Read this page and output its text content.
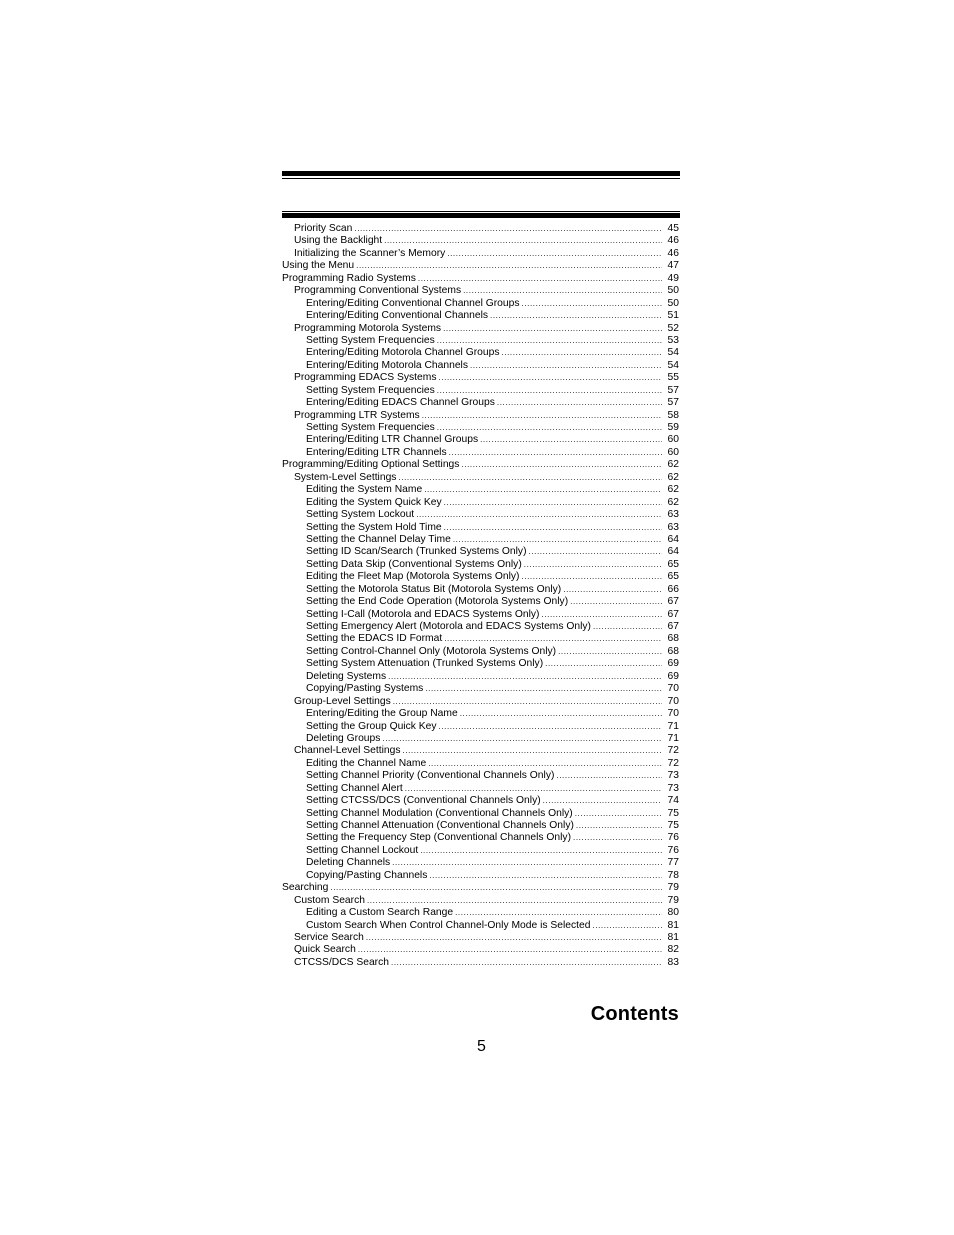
Priority Scan .....	45
Using the Backlight .....	46
Initializing the Scanner’s Memory .....	46
Using the Menu .....	47
Programming Radio Systems .....	49
Programming Conventional Systems .....	50
Entering/Editing Conventional Channel Groups .....	50
Entering/Editing Conventional Channels .....	51
Programming Motorola Systems .....	52
Setting System Frequencies .....	53
Entering/Editing Motorola Channel Groups .....	54
Entering/Editing Motorola Channels .....	54
Programming EDACS Systems .....	55
Setting System Frequencies .....	57
Entering/Editing EDACS Channel Groups .....	57
Programming LTR Systems .....	58
Setting System Frequencies .....	59
Entering/Editing LTR Channel Groups .....	60
Entering/Editing LTR Channels .....	60
Programming/Editing Optional Settings .....	62
System-Level Settings .....	62
Editing the System Name .....	62
Editing the System Quick Key .....	62
Setting System Lockout .....	63
Setting the System Hold Time .....	63
Setting the Channel Delay Time .....	64
Setting ID Scan/Search (Trunked Systems Only) .....	64
Setting Data Skip (Conventional Systems Only) .....	65
Editing the Fleet Map (Motorola Systems Only) .....	65
Setting the Motorola Status Bit (Motorola Systems Only) .....	66
Setting the End Code Operation (Motorola Systems Only) .....	67
Setting I-Call (Motorola and EDACS Systems Only) .....	67
Setting Emergency Alert (Motorola and EDACS Systems Only) .....	67
Setting the EDACS ID Format .....	68
Setting Control-Channel Only (Motorola Systems Only) .....	68
Setting System Attenuation (Trunked Systems Only) .....	69
Deleting Systems .....	69
Copying/Pasting Systems .....	70
Group-Level Settings .....	70
Entering/Editing the Group Name .....	70
Setting the Group Quick Key .....	71
Deleting Groups .....	71
Channel-Level Settings .....	72
Editing the Channel Name .....	72
Setting Channel Priority (Conventional Channels Only) .....	73
Setting Channel Alert .....	73
Setting CTCSS/DCS (Conventional Channels Only) .....	74
Setting Channel Modulation (Conventional Channels Only) .....	75
Setting Channel Attenuation (Conventional Channels Only) .....	75
Setting the Frequency Step (Conventional Channels Only) .....	76
Setting Channel Lockout .....	76
Deleting Channels .....	77
Copying/Pasting Channels .....	78
Searching .....	79
Custom Search .....	79
Editing a Custom Search Range .....	80
Custom Search When Control Channel-Only Mode is Selected .....	81
Service Search .....	81
Quick Search .....	82
CTCSS/DCS Search .....	83
Contents
5
